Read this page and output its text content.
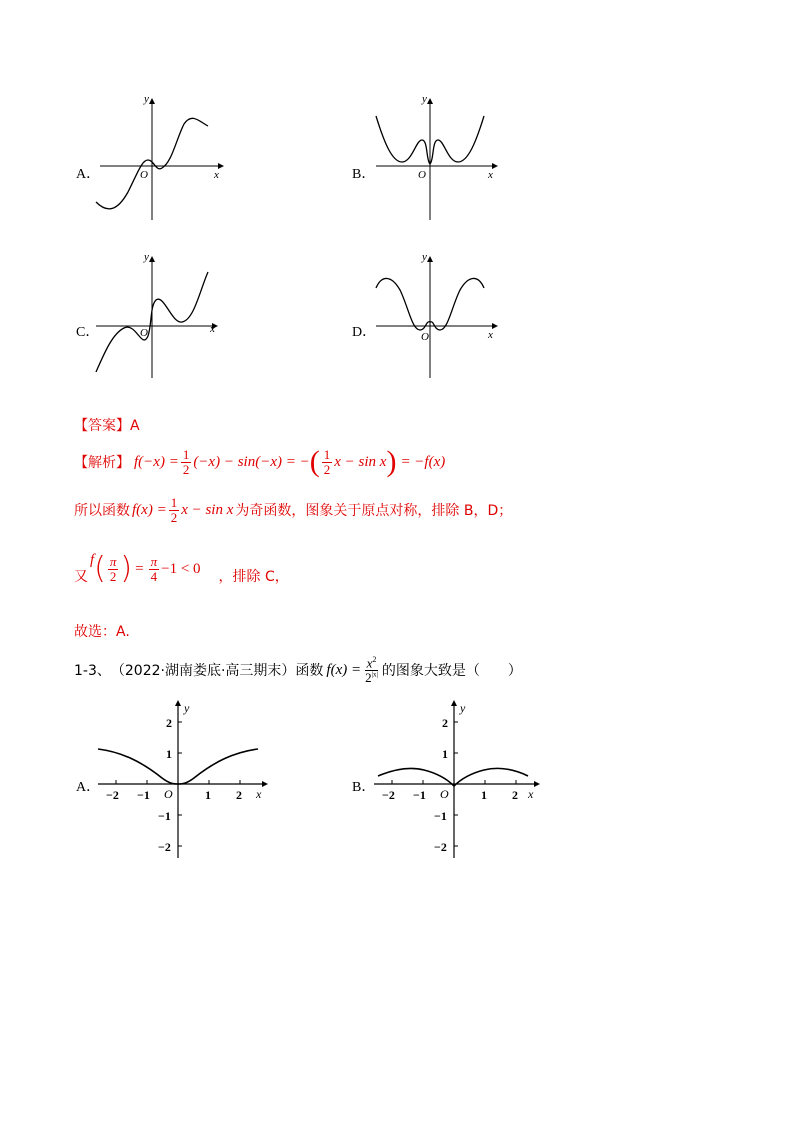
A．
y
x
O	B．
y
x
O
C．
y
x
O	D．
y
x
O
【答案】A
【解析】 $f(-x) = \frac{1}{2} (-x) - \sin(-x)$ = − ( $\frac{1}{2}$ x − sin x ) = −f(x)
所以函数 $f(x) = \frac{1}{2}$ x − sin x 为奇函数，图象关于原点对称，排除 B，D；
又
f ( $\frac{\pi}{2}$ ) = $\frac{\pi}{4} -1 < 0$
，排除 C，
故选：A.
1-3、 （2022·湖南娄底·高三期末）函数 $f(x) = \frac{x^2}{2^{|x|}}$ 的图象大致是（　　）
A．
y
x
O
−2 −1	1 2
2
1
−1
−2
B．
y
x
O
−2 −1	1 2
2
1
−1
−2
